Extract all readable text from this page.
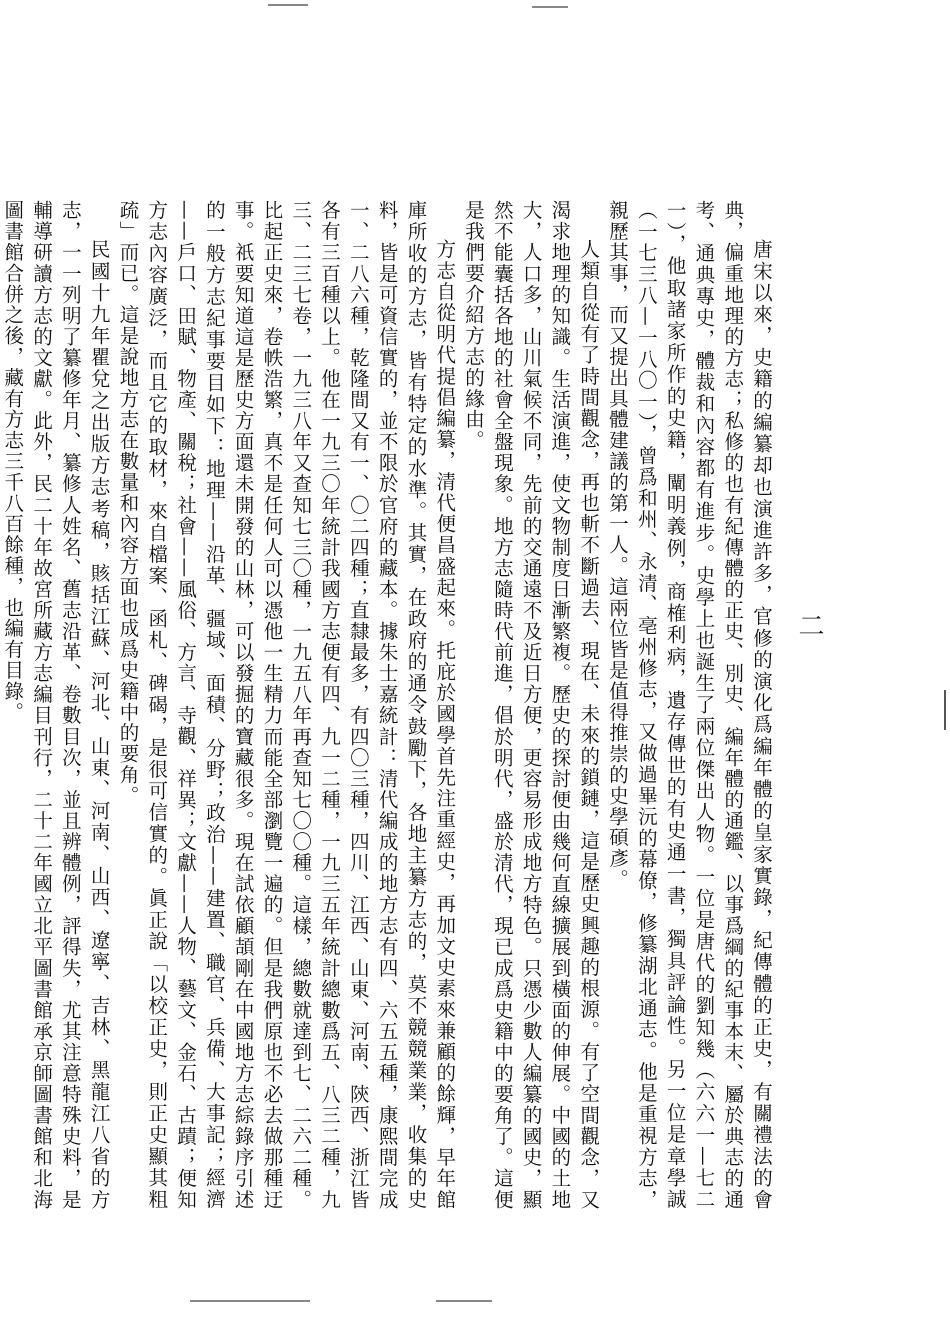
二

唐宋以來，史籍的編纂却也演進許多，官修的演化爲編年體的皇家實錄，紀傳體的正史，有關禮法的會典，偏重地理的方志；私修的也有紀傳體的正史、別史、編年體的通鑑、以事爲綱的紀事本末、屬於典志的通考、通典專史，體裁和內容都有進步。史學上也誕生了兩位傑出人物。一位是唐代的劉知幾（六六一—七二一），他取諸家所作的史籍，闡明義例，商榷利病，遺存傳世的有史通一書，獨具評論性。另一位是章學誠（一七三八—一八〇一），曾爲和州、永清、亳州修志，又做過畢沅的幕僚，修纂湖北通志。他是重視方志，親歷其事，而又提出具體建議的第一人。這兩位皆是值得推崇的史學碩彥。

人類自從有了時間觀念，再也斬不斷過去、現在、未來的鎖鏈，這是歷史興趣的根源。有了空間觀念，又渴求地理的知識。生活演進，使文物制度日漸繁複。歷史的探討便由幾何直線擴展到橫面的伸展。中國的土地大，人口多，山川氣候不同，先前的交通遠不及近日方便，更容易形成地方特色。只憑少數人編纂的國史，顯然不能囊括各地的社會全盤現象。地方志隨時代前進，倡於明代，盛於清代，現已成爲史籍中的要角了。這便是我們要介紹方志的緣由。

方志自從明代提倡編纂，清代便昌盛起來。托庇於國學首先注重經史，再加文史素來兼顧的餘輝，早年館庫所收的方志，皆有特定的水準。其實，在政府的通令鼓勵下，各地主纂方志的，莫不競競業業，收集的史料，皆是可資信實的，並不限於官府的藏本。據朱士嘉統計：清代編成的地方志有四、六五五種，康熙間完成一、二八六種，乾隆間又有一、〇二四種；直隸最多，有四〇三種，四川、江西、山東、河南、陝西、浙江皆各有三百種以上。他在一九三〇年統計我國方志便有四、九一二種，一九三五年統計總數爲五、八三二種，九三、二三七卷，一九三八年又查知七三〇種，一九五八年再查知七〇〇種。這樣，總數就達到七、二六二種。比起正史來，卷帙浩繁，真不是任何人可以憑他一生精力而能全部瀏覽一遍的。但是我們原也不必去做那種迂事。祇要知道這是歷史方面還未開發的山林，可以發掘的寶藏很多。現在試依顧頡剛在中國地方志綜錄序引述的一般方志紀事要目如下：地理——沿革、疆域、面積、分野；政治——建置、職官、兵備、大事記；經濟——戶口、田賦、物產、關稅；社會——風俗、方言、寺觀、祥異；文獻——人物、藝文、金石、古蹟；便知方志內容廣泛，而且它的取材，來自檔案、函札、碑碣，是很可信實的。眞正說「以校正史，則正史顯其粗疏」而已。這是說地方志在數量和內容方面也成爲史籍中的要角。

民國十九年瞿兌之出版方志考稿，賅括江蘇、河北、山東、河南、山西、遼寧、吉林、黑龍江八省的方志，一一列明了纂修年月、纂修人姓名、舊志沿革、卷數目次，並且辨體例，評得失，尤其注意特殊史料，是輔導研讀方志的文獻。此外，民二十年故宮所藏方志編目刊行，二十二年國立北平圖書館承京師圖書館和北海圖書館合併之後，藏有方志三千八百餘種，也編有目錄。
